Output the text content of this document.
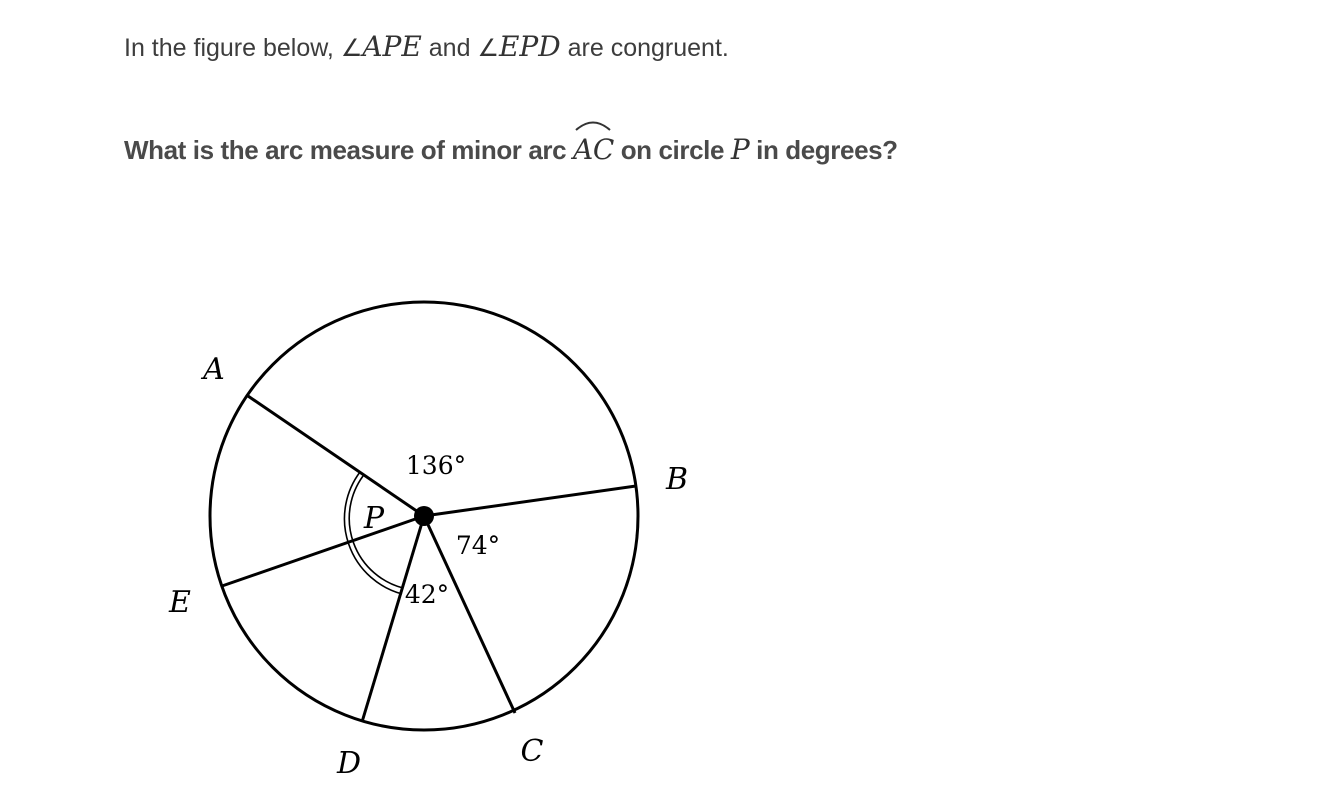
In the figure below, ∠APE and ∠EPD are congruent.
What is the arc measure of minor arc AC
on circle P in degrees?
A
B
C
D
E
P
136°
74°
42°
